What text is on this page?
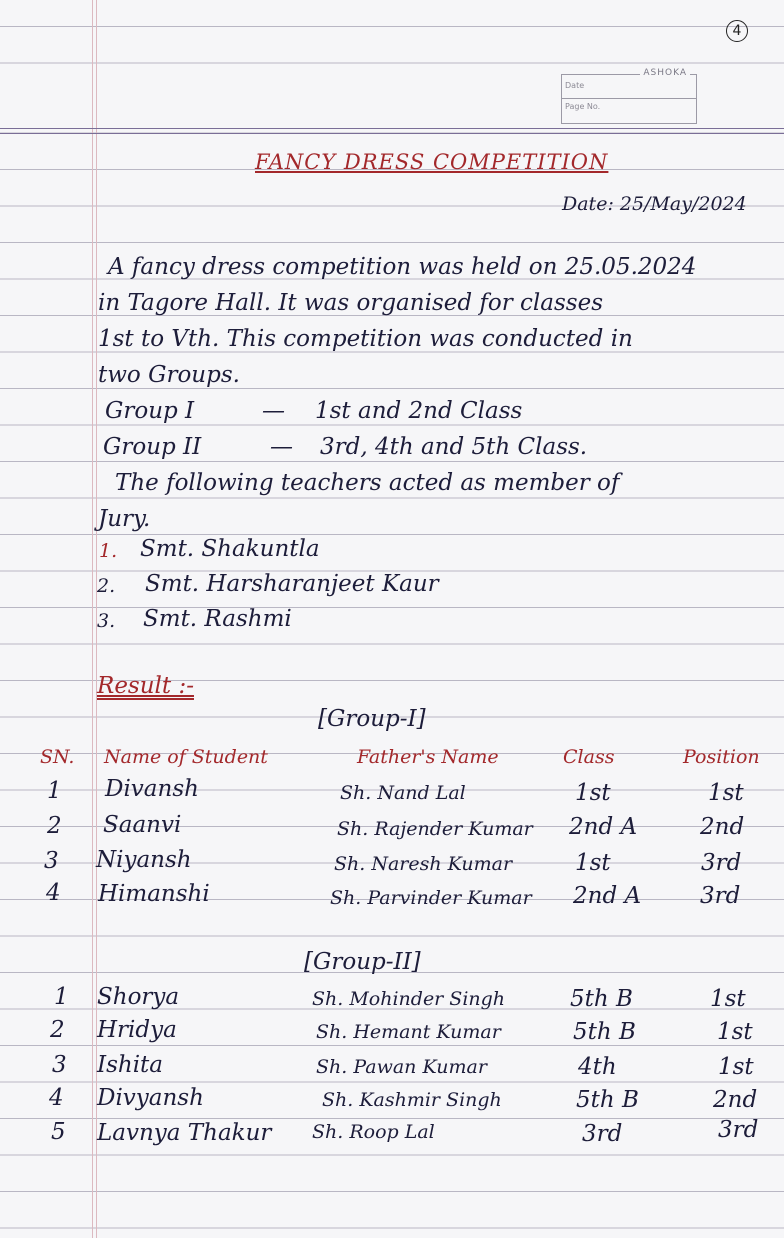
4
ASHOKA
Date
Page No.
FANCY DRESS COMPETITION
Date: 25/May/2024
A fancy dress competition was held on 25.05.2024
in Tagore Hall. It was organised for classes
1st to Vth. This competition was conducted in
two Groups.
Group I	— 1st and 2nd Class
Group II	— 3rd, 4th and 5th Class.
The following teachers acted as member of
Jury.
1. Smt. Shakuntla
2. Smt. Harsharanjeet Kaur
3. Smt. Rashmi
Result :-
[Group-I]
SN. Name of Student	Father's Name	Class	Position
1 Divansh	Sh. Nand Lal	1st	1st
2 Saanvi	Sh. Rajender Kumar 2nd A	2nd
3 Niyansh	Sh. Naresh Kumar	1st	3rd
4 Himanshi	Sh. Parvinder Kumar 2nd A	3rd
[Group-II]
1 Shorya	Sh. Mohinder Singh	5th B	1st
2 Hridya	Sh. Hemant Kumar	5th B	1st
3 Ishita	Sh. Pawan Kumar	4th	1st
4 Divyansh	Sh. Kashmir Singh	5th B	2nd
5 Lavnya Thakur Sh. Roop Lal	3rd	3rd
